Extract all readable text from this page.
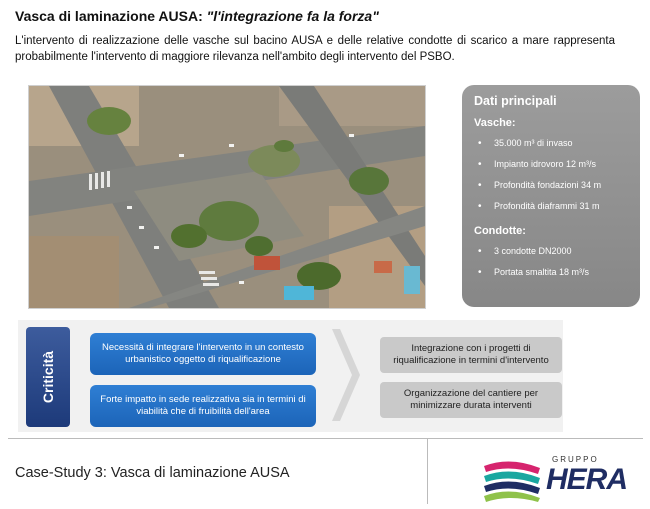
Vasca di laminazione AUSA: "l'integrazione fa la forza"
L'intervento di realizzazione delle vasche sul bacino AUSA e delle relative condotte di scarico a mare rappresenta probabilmente l'intervento di maggiore rilevanza nell'ambito degli intervento del PSBO.
Dati principali
Vasche:
• 35.000 m³ di invaso
• Impianto idrovoro 12 m³/s
• Profondità fondazioni 34 m
• Profondità diaframmi 31 m
Condotte:
• 3 condotte DN2000
• Portata smaltita 18 m³/s
Criticità
Necessità di integrare l'intervento in un contesto urbanistico oggetto di riqualificazione
Forte impatto in sede realizzativa sia in termini di viabilità che di fruibilità dell'area
Integrazione con i progetti di riqualificazione in termini d'intervento
Organizzazione del cantiere per minimizzare durata interventi
Case-Study 3: Vasca di laminazione AUSA
GRUPPO
HERA
